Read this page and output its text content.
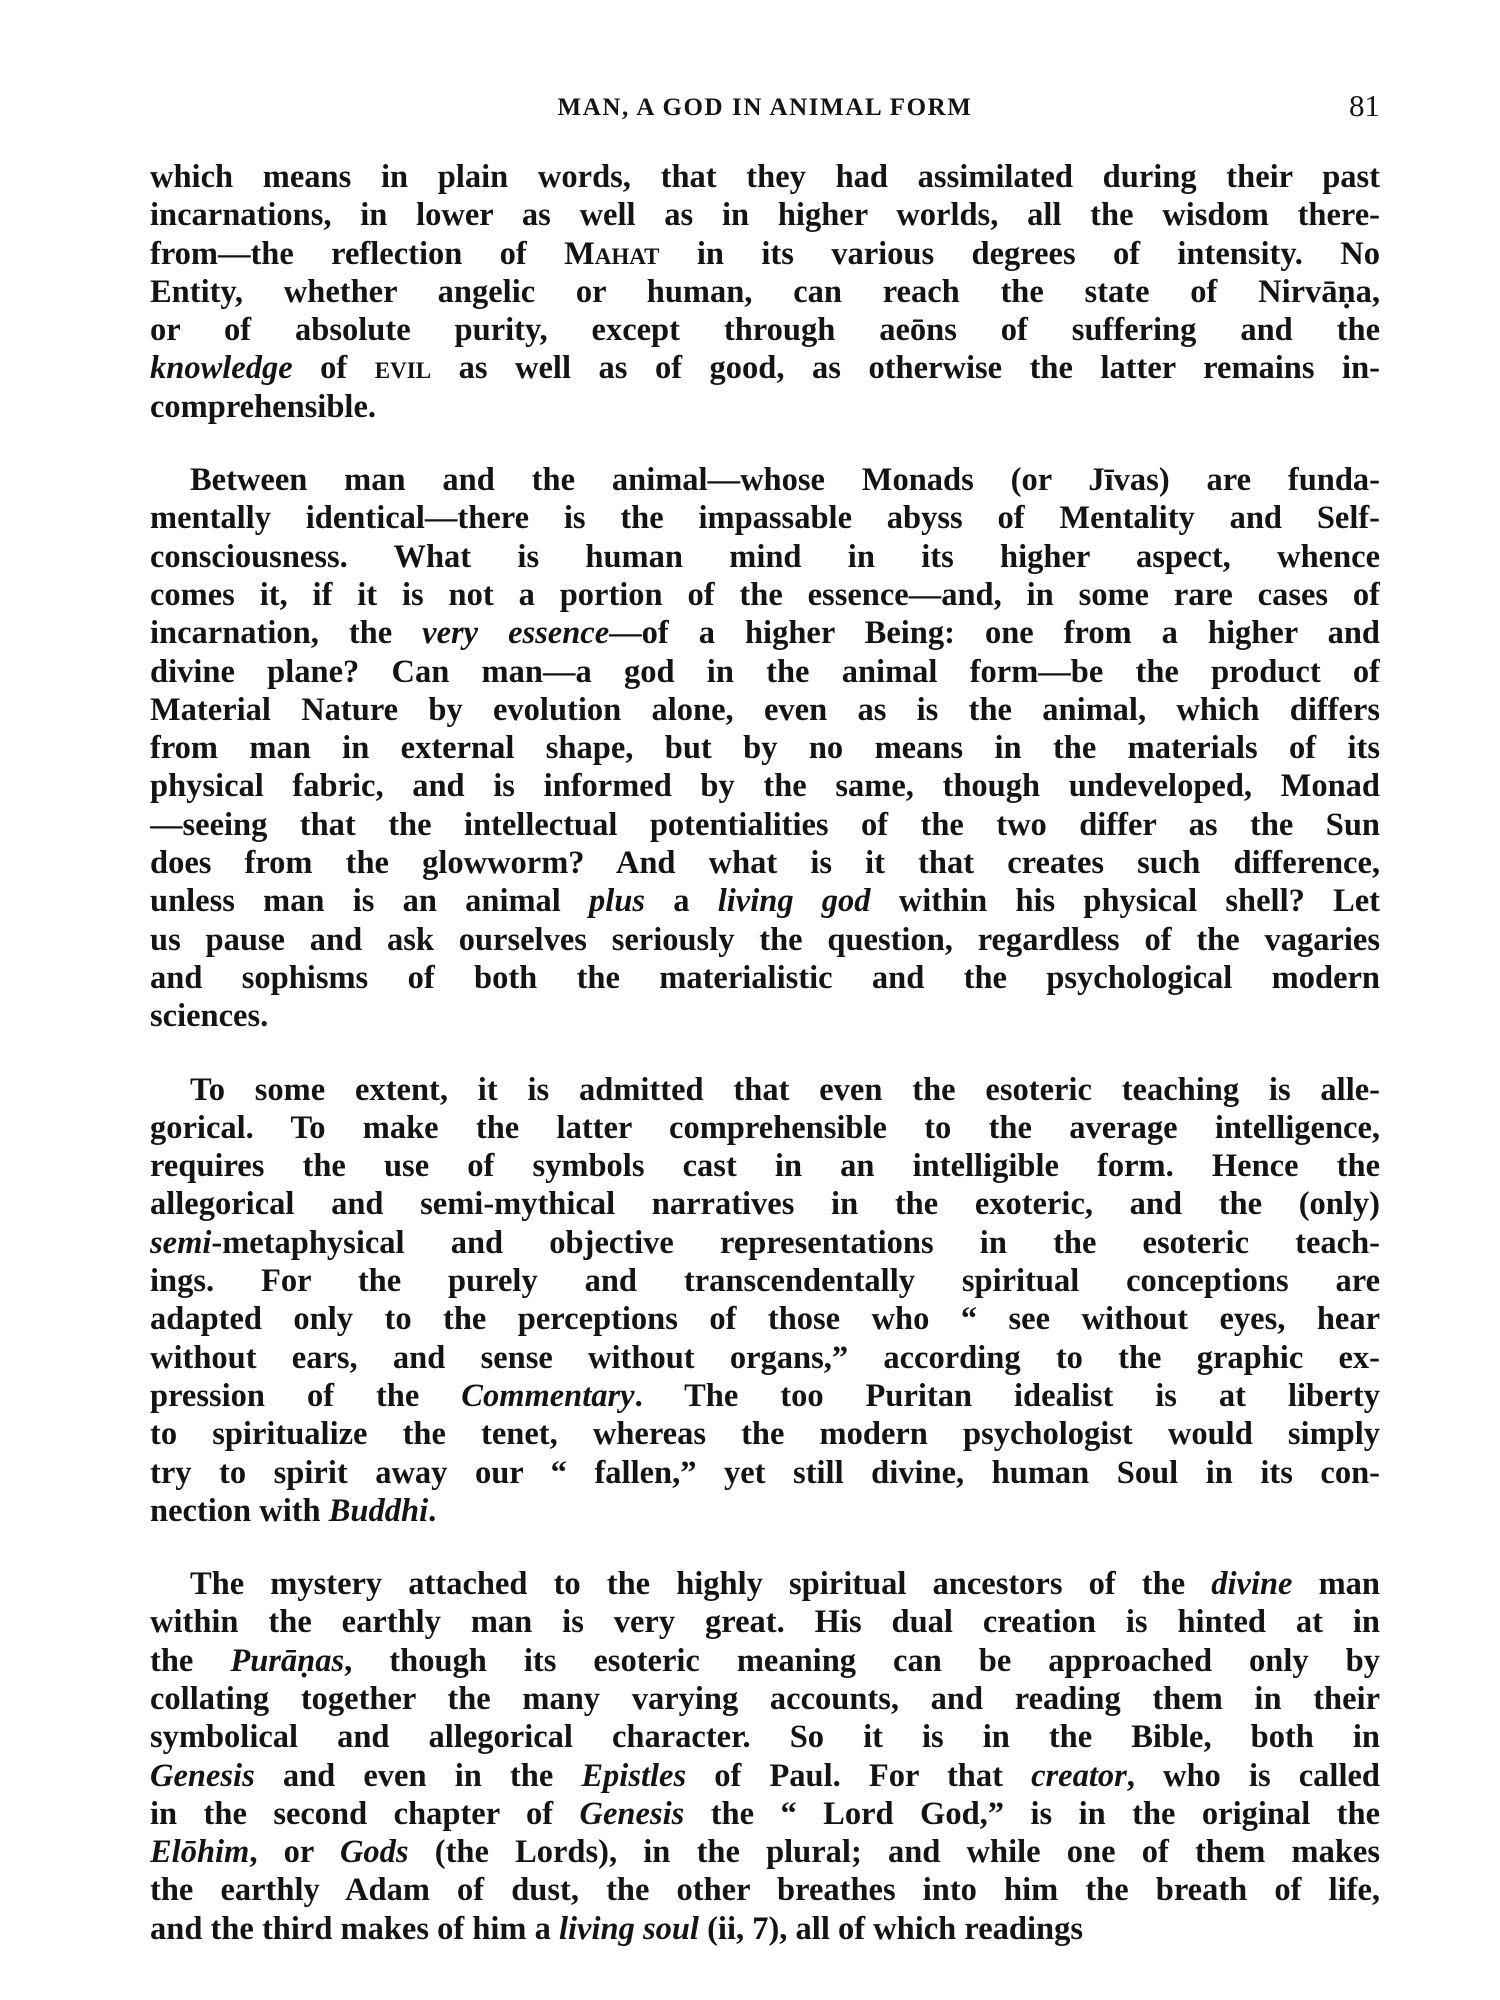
MAN, A GOD IN ANIMAL FORM	81
which means in plain words, that they had assimilated during their past
incarnations, in lower as well as in higher worlds, all the wisdom there-
from—the reflection of Mahat in its various degrees of intensity. No
Entity, whether angelic or human, can reach the state of Nirvāṇa,
or of absolute purity, except through aeōns of suffering and the
knowledge of evil as well as of good, as otherwise the latter remains in-
comprehensible.
Between man and the animal—whose Monads (or Jīvas) are funda-
mentally identical—there is the impassable abyss of Mentality and Self-
consciousness. What is human mind in its higher aspect, whence
comes it, if it is not a portion of the essence—and, in some rare cases of
incarnation, the very essence—of a higher Being: one from a higher and
divine plane? Can man—a god in the animal form—be the product of
Material Nature by evolution alone, even as is the animal, which differs
from man in external shape, but by no means in the materials of its
physical fabric, and is informed by the same, though undeveloped, Monad
—seeing that the intellectual potentialities of the two differ as the Sun
does from the glowworm? And what is it that creates such difference,
unless man is an animal plus a living god within his physical shell? Let
us pause and ask ourselves seriously the question, regardless of the vagaries
and sophisms of both the materialistic and the psychological modern
sciences.
To some extent, it is admitted that even the esoteric teaching is alle-
gorical. To make the latter comprehensible to the average intelligence,
requires the use of symbols cast in an intelligible form. Hence the
allegorical and semi-mythical narratives in the exoteric, and the (only)
semi-metaphysical and objective representations in the esoteric teach-
ings. For the purely and transcendentally spiritual conceptions are
adapted only to the perceptions of those who “ see without eyes, hear
without ears, and sense without organs,” according to the graphic ex-
pression of the Commentary. The too Puritan idealist is at liberty
to spiritualize the tenet, whereas the modern psychologist would simply
try to spirit away our “ fallen,” yet still divine, human Soul in its con-
nection with Buddhi.
The mystery attached to the highly spiritual ancestors of the divine man
within the earthly man is very great. His dual creation is hinted at in
the Purāṇas, though its esoteric meaning can be approached only by
collating together the many varying accounts, and reading them in their
symbolical and allegorical character. So it is in the Bible, both in
Genesis and even in the Epistles of Paul. For that creator, who is called
in the second chapter of Genesis the “ Lord God,” is in the original the
Elōhim, or Gods (the Lords), in the plural; and while one of them makes
the earthly Adam of dust, the other breathes into him the breath of life,
and the third makes of him a living soul (ii, 7), all of which readings
